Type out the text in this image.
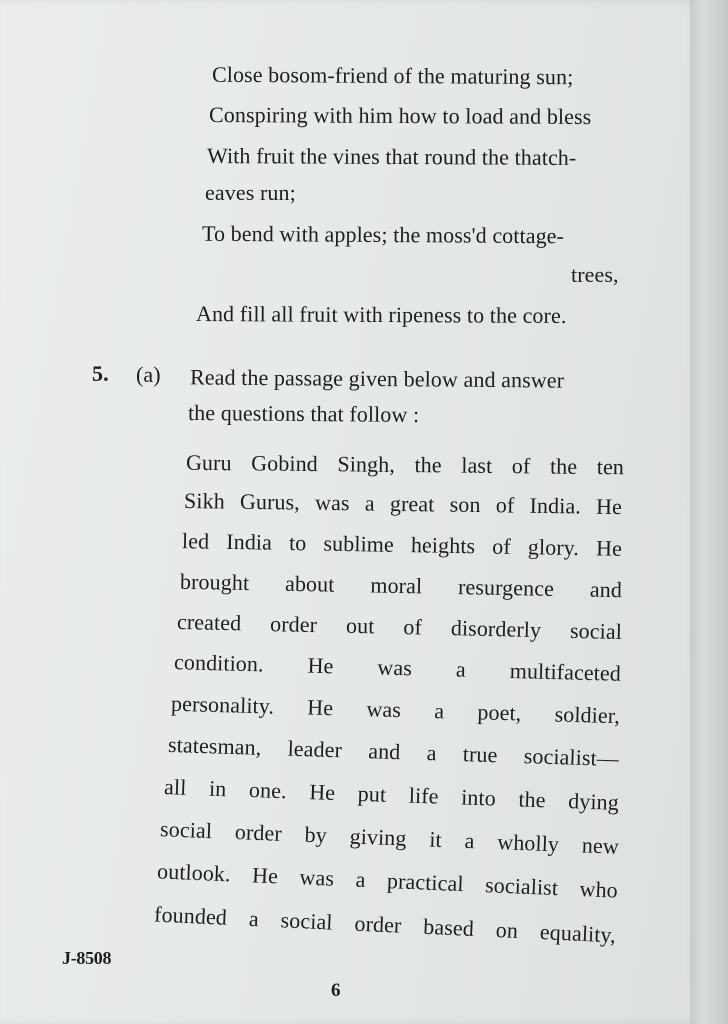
Close bosom-friend of the maturing sun;
Conspiring with him how to load and bless
With fruit the vines that round the thatch-
eaves run;
To bend with apples; the moss'd cottage-
trees,
And fill all fruit with ripeness to the core.
5. (a) Read the passage given below and answer
the questions that follow :
Guru Gobind Singh, the last of the ten
Sikh Gurus, was a great son of India. He
led India to sublime heights of glory. He
brought about moral resurgence and
created order out of disorderly social
condition. He was a multifaceted
personality. He was a poet, soldier,
statesman, leader and a true socialist—
all in one. He put life into the dying
social order by giving it a wholly new
outlook. He was a practical socialist who
founded a social order based on equality,
J-8508
6
